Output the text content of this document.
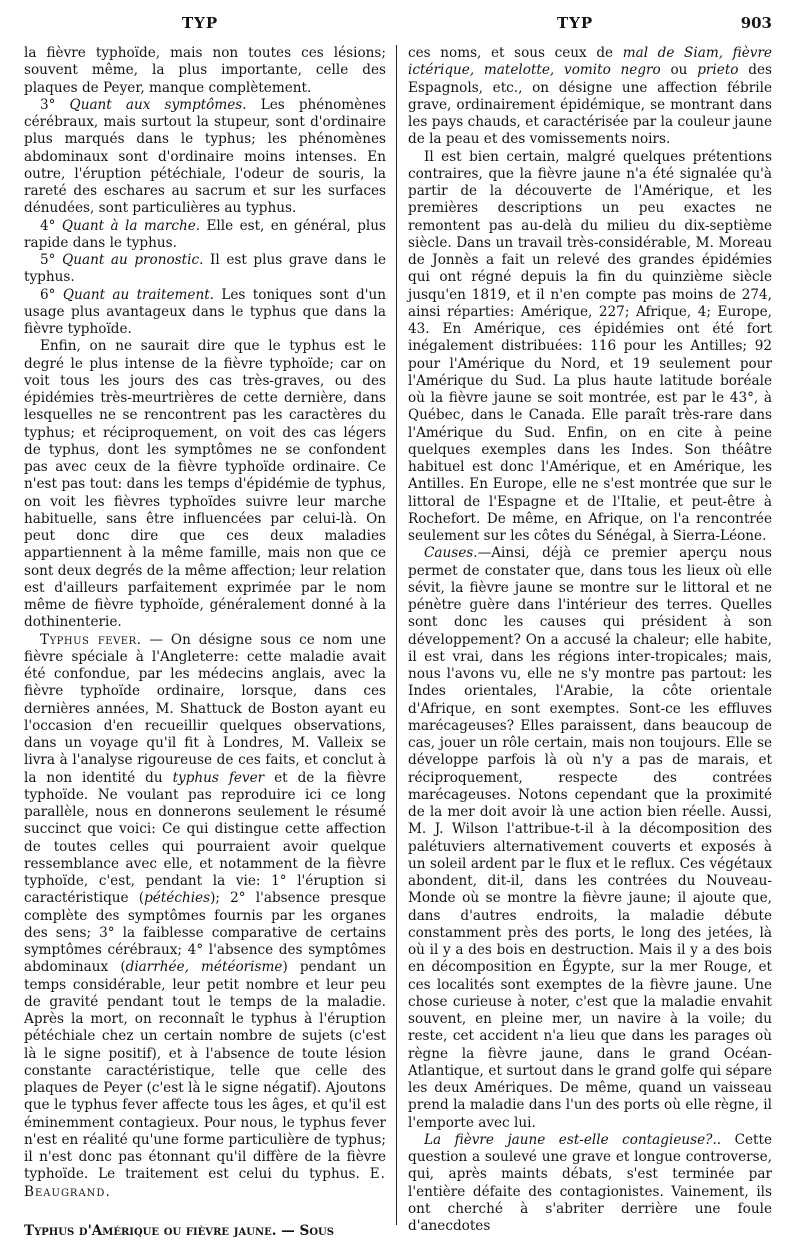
TYP	TYP	903

la fièvre typhoïde, mais non toutes ces lésions; souvent même, la plus importante, celle des plaques de Peyer, manque complètement.

3° Quant aux symptômes. Les phénomènes cérébraux, mais surtout la stupeur, sont d'ordinaire plus marqués dans le typhus; les phénomènes abdominaux sont d'ordinaire moins intenses. En outre, l'éruption pétéchiale, l'odeur de souris, la rareté des eschares au sacrum et sur les surfaces dénudées, sont particulières au typhus.

4° Quant à la marche. Elle est, en général, plus rapide dans le typhus.

5° Quant au pronostic. Il est plus grave dans le typhus.

6° Quant au traitement. Les toniques sont d'un usage plus avantageux dans le typhus que dans la fièvre typhoïde.

Enfin, on ne saurait dire que le typhus est le degré le plus intense de la fièvre typhoïde; car on voit tous les jours des cas très-graves, ou des épidémies très-meurtrières de cette dernière, dans lesquelles ne se rencontrent pas les caractères du typhus; et réciproquement, on voit des cas légers de typhus, dont les symptômes ne se confondent pas avec ceux de la fièvre typhoïde ordinaire. Ce n'est pas tout: dans les temps d'épidémie de typhus, on voit les fièvres typhoïdes suivre leur marche habituelle, sans être influencées par celui-là. On peut donc dire que ces deux maladies appartiennent à la même famille, mais non que ce sont deux degrés de la même affection; leur relation est d'ailleurs parfaitement exprimée par le nom même de fièvre typhoïde, généralement donné à la dothinenterie.

Typhus fever. — On désigne sous ce nom une fièvre spéciale à l'Angleterre: cette maladie avait été confondue, par les médecins anglais, avec la fièvre typhoïde ordinaire, lorsque, dans ces dernières années, M. Shattuck de Boston ayant eu l'occasion d'en recueillir quelques observations, dans un voyage qu'il fit à Londres, M. Valleix se livra à l'analyse rigoureuse de ces faits, et conclut à la non identité du typhus fever et de la fièvre typhoïde. Ne voulant pas reproduire ici ce long parallèle, nous en donnerons seulement le résumé succinct que voici: Ce qui distingue cette affection de toutes celles qui pourraient avoir quelque ressemblance avec elle, et notamment de la fièvre typhoïde, c'est, pendant la vie: 1° l'éruption si caractéristique (pétéchies); 2° l'absence presque complète des symptômes fournis par les organes des sens; 3° la faiblesse comparative de certains symptômes cérébraux; 4° l'absence des symptômes abdominaux (diarrhée, météorisme) pendant un temps considérable, leur petit nombre et leur peu de gravité pendant tout le temps de la maladie. Après la mort, on reconnaît le typhus à l'éruption pétéchiale chez un certain nombre de sujets (c'est là le signe positif), et à l'absence de toute lésion constante caractéristique, telle que celle des plaques de Peyer (c'est là le signe négatif). Ajoutons que le typhus fever affecte tous les âges, et qu'il est éminemment contagieux. Pour nous, le typhus fever n'est en réalité qu'une forme particulière de typhus; il n'est donc pas étonnant qu'il diffère de la fièvre typhoïde. Le traitement est celui du typhus. E. Beaugrand.

Typhus d'Amérique ou fièvre jaune. — Sous

ces noms, et sous ceux de mal de Siam, fièvre ictérique, matelotte, vomito negro ou prieto des Espagnols, etc., on désigne une affection fébrile grave, ordinairement épidémique, se montrant dans les pays chauds, et caractérisée par la couleur jaune de la peau et des vomissements noirs.

Il est bien certain, malgré quelques prétentions contraires, que la fièvre jaune n'a été signalée qu'à partir de la découverte de l'Amérique, et les premières descriptions un peu exactes ne remontent pas au-delà du milieu du dix-septième siècle. Dans un travail très-considérable, M. Moreau de Jonnès a fait un relevé des grandes épidémies qui ont régné depuis la fin du quinzième siècle jusqu'en 1819, et il n'en compte pas moins de 274, ainsi réparties: Amérique, 227; Afrique, 4; Europe, 43. En Amérique, ces épidémies ont été fort inégalement distribuées: 116 pour les Antilles; 92 pour l'Amérique du Nord, et 19 seulement pour l'Amérique du Sud. La plus haute latitude boréale où la fièvre jaune se soit montrée, est par le 43°, à Québec, dans le Canada. Elle paraît très-rare dans l'Amérique du Sud. Enfin, on en cite à peine quelques exemples dans les Indes. Son théâtre habituel est donc l'Amérique, et en Amérique, les Antilles. En Europe, elle ne s'est montrée que sur le littoral de l'Espagne et de l'Italie, et peut-être à Rochefort. De même, en Afrique, on l'a rencontrée seulement sur les côtes du Sénégal, à Sierra-Léone.

Causes.—Ainsi, déjà ce premier aperçu nous permet de constater que, dans tous les lieux où elle sévit, la fièvre jaune se montre sur le littoral et ne pénètre guère dans l'intérieur des terres. Quelles sont donc les causes qui président à son développement? On a accusé la chaleur; elle habite, il est vrai, dans les régions inter-tropicales; mais, nous l'avons vu, elle ne s'y montre pas partout: les Indes orientales, l'Arabie, la côte orientale d'Afrique, en sont exemptes. Sont-ce les effluves marécageuses? Elles paraissent, dans beaucoup de cas, jouer un rôle certain, mais non toujours. Elle se développe parfois là où n'y a pas de marais, et réciproquement, respecte des contrées marécageuses. Notons cependant que la proximité de la mer doit avoir là une action bien réelle. Aussi, M. J. Wilson l'attribue-t-il à la décomposition des palétuviers alternativement couverts et exposés à un soleil ardent par le flux et le reflux. Ces végétaux abondent, dit-il, dans les contrées du Nouveau-Monde où se montre la fièvre jaune; il ajoute que, dans d'autres endroits, la maladie débute constamment près des ports, le long des jetées, là où il y a des bois en destruction. Mais il y a des bois en décomposition en Égypte, sur la mer Rouge, et ces localités sont exemptes de la fièvre jaune. Une chose curieuse à noter, c'est que la maladie envahit souvent, en pleine mer, un navire à la voile; du reste, cet accident n'a lieu que dans les parages où règne la fièvre jaune, dans le grand Océan-Atlantique, et surtout dans le grand golfe qui sépare les deux Amériques. De même, quand un vaisseau prend la maladie dans l'un des ports où elle règne, il l'emporte avec lui.

La fièvre jaune est-elle contagieuse?.. Cette question a soulevé une grave et longue controverse, qui, après maints débats, s'est terminée par l'entière défaite des contagionistes. Vainement, ils ont cherché à s'abriter derrière une foule d'anecdotes
